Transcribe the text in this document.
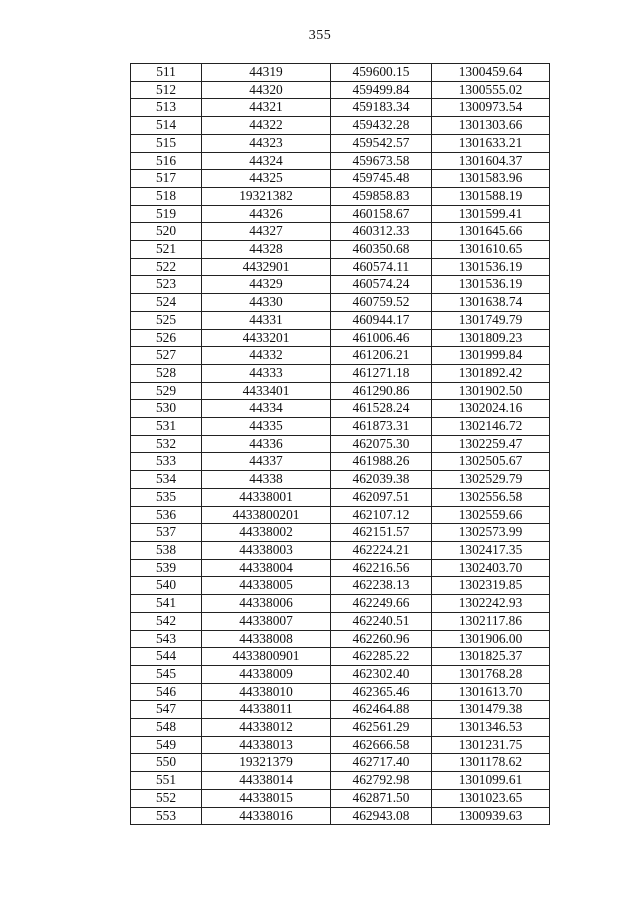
355
511	44319	459600.15	1300459.64
512	44320	459499.84	1300555.02
513	44321	459183.34	1300973.54
514	44322	459432.28	1301303.66
515	44323	459542.57	1301633.21
516	44324	459673.58	1301604.37
517	44325	459745.48	1301583.96
518	19321382	459858.83	1301588.19
519	44326	460158.67	1301599.41
520	44327	460312.33	1301645.66
521	44328	460350.68	1301610.65
522	4432901	460574.11	1301536.19
523	44329	460574.24	1301536.19
524	44330	460759.52	1301638.74
525	44331	460944.17	1301749.79
526	4433201	461006.46	1301809.23
527	44332	461206.21	1301999.84
528	44333	461271.18	1301892.42
529	4433401	461290.86	1301902.50
530	44334	461528.24	1302024.16
531	44335	461873.31	1302146.72
532	44336	462075.30	1302259.47
533	44337	461988.26	1302505.67
534	44338	462039.38	1302529.79
535	44338001	462097.51	1302556.58
536	4433800201	462107.12	1302559.66
537	44338002	462151.57	1302573.99
538	44338003	462224.21	1302417.35
539	44338004	462216.56	1302403.70
540	44338005	462238.13	1302319.85
541	44338006	462249.66	1302242.93
542	44338007	462240.51	1302117.86
543	44338008	462260.96	1301906.00
544	4433800901	462285.22	1301825.37
545	44338009	462302.40	1301768.28
546	44338010	462365.46	1301613.70
547	44338011	462464.88	1301479.38
548	44338012	462561.29	1301346.53
549	44338013	462666.58	1301231.75
550	19321379	462717.40	1301178.62
551	44338014	462792.98	1301099.61
552	44338015	462871.50	1301023.65
553	44338016	462943.08	1300939.63
